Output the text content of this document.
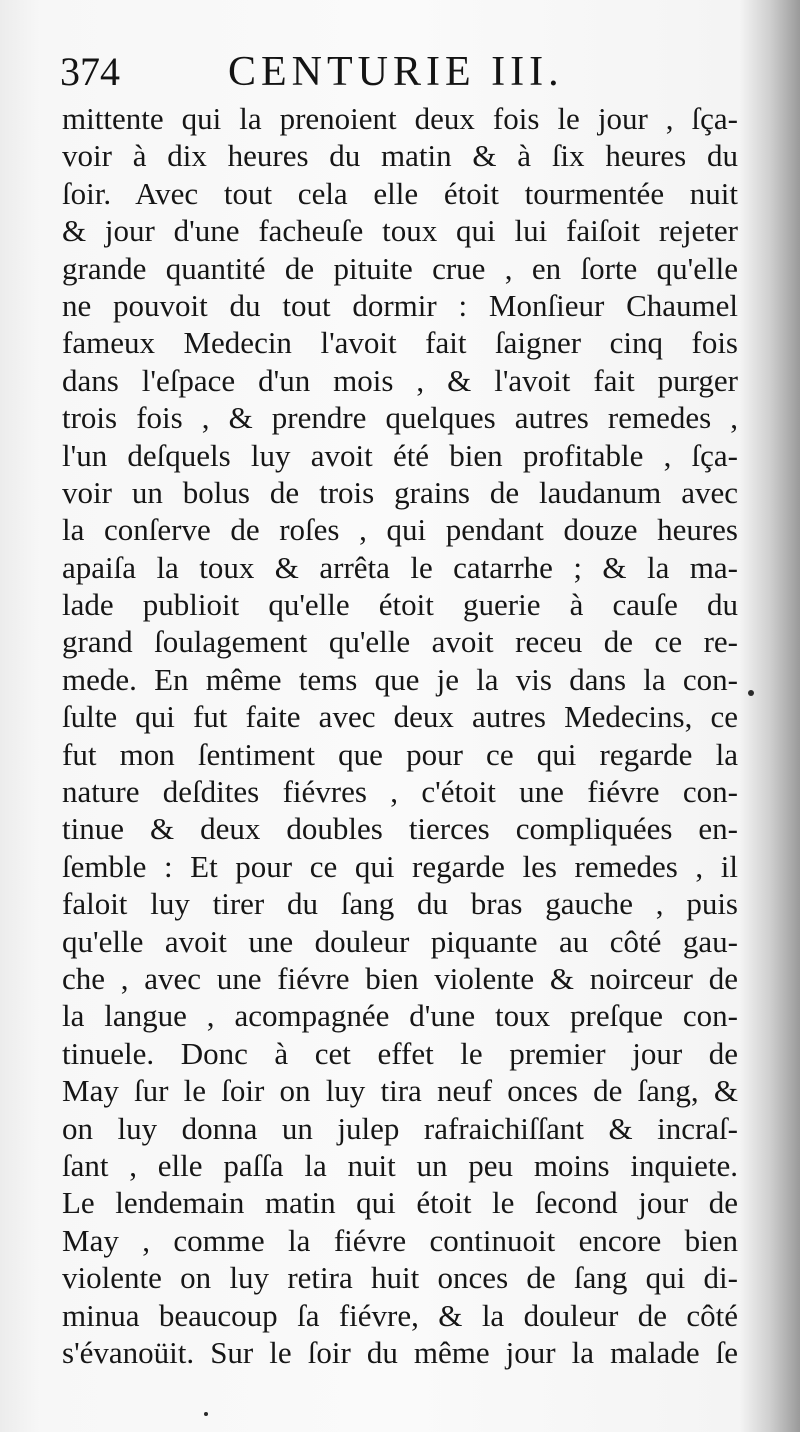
374	CENTURIE III.
mittente qui la prenoient deux fois le jour , ſça-
voir à dix heures du matin & à ſix heures du
ſoir. Avec tout cela elle étoit tourmentée nuit
& jour d'une facheuſe toux qui lui faiſoit rejeter
grande quantité de pituite crue , en ſorte qu'elle
ne pouvoit du tout dormir : Monſieur Chaumel
fameux Medecin l'avoit fait ſaigner cinq fois
dans l'eſpace d'un mois , & l'avoit fait purger
trois fois , & prendre quelques autres remedes ,
l'un deſquels luy avoit été bien profitable , ſça-
voir un bolus de trois grains de laudanum avec
la conſerve de roſes , qui pendant douze heures
apaiſa la toux & arrêta le catarrhe ; & la ma-
lade publioit qu'elle étoit guerie à cauſe du
grand ſoulagement qu'elle avoit receu de ce re-
mede. En même tems que je la vis dans la con-
ſulte qui fut faite avec deux autres Medecins, ce
fut mon ſentiment que pour ce qui regarde la
nature deſdites fiévres , c'étoit une fiévre con-
tinue & deux doubles tierces compliquées en-
ſemble : Et pour ce qui regarde les remedes , il
faloit luy tirer du ſang du bras gauche , puis
qu'elle avoit une douleur piquante au côté gau-
che , avec une fiévre bien violente & noirceur de
la langue , acompagnée d'une toux preſque con-
tinuele. Donc à cet effet le premier jour de
May ſur le ſoir on luy tira neuf onces de ſang, &
on luy donna un julep rafraichiſſant & incraſ-
ſant , elle paſſa la nuit un peu moins inquiete.
Le lendemain matin qui étoit le ſecond jour de
May , comme la fiévre continuoit encore bien
violente on luy retira huit onces de ſang qui di-
minua beaucoup ſa fiévre, & la douleur de côté
s'évanoüit. Sur le ſoir du même jour la malade ſe
